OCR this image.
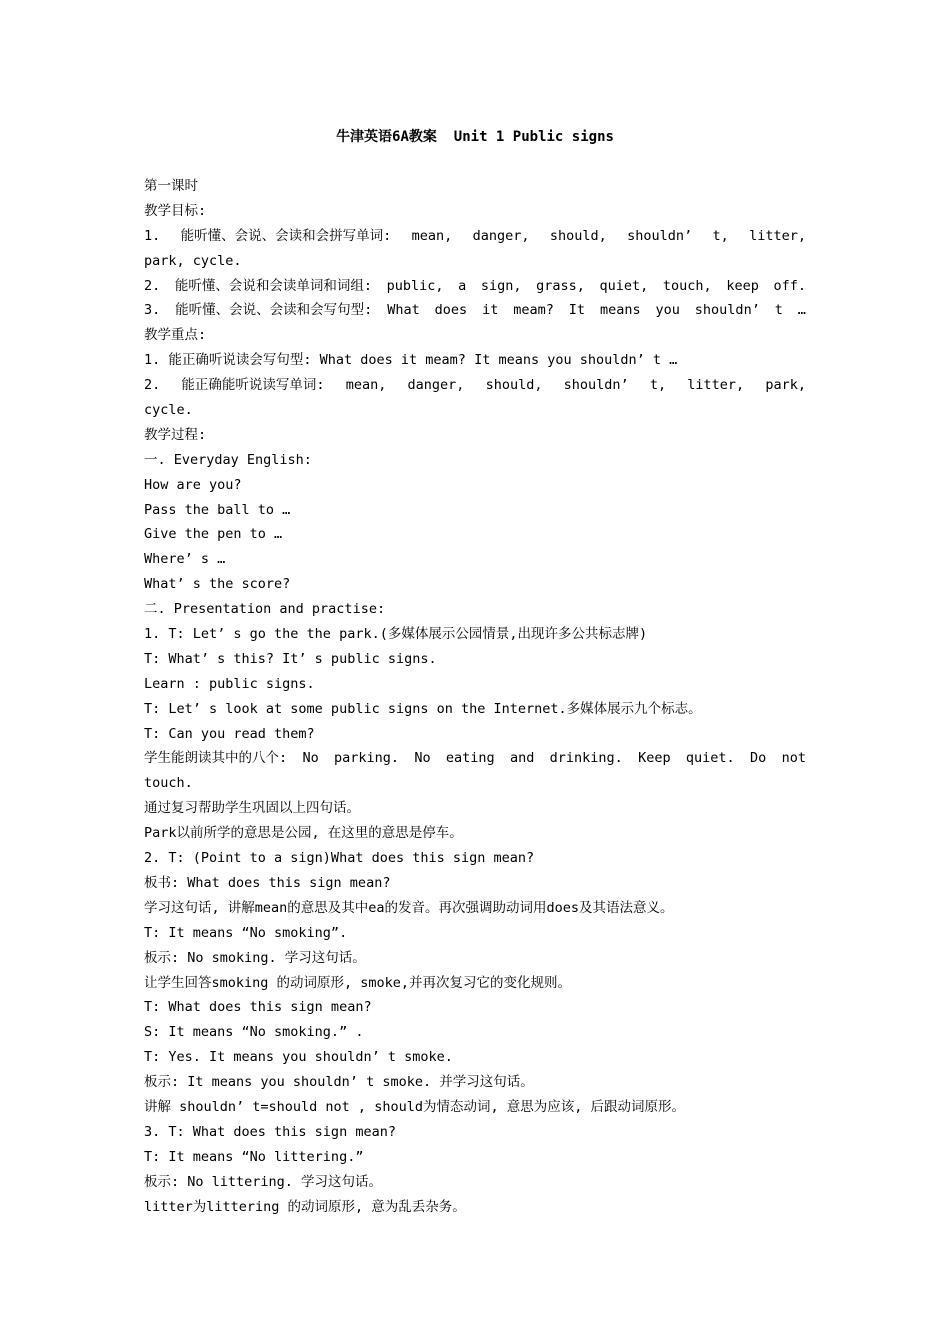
牛津英语6A教案  Unit 1 Public signs
第一课时
教学目标:
1. 能听懂、会说、会读和会拼写单词: mean, danger, should, shouldn’ t, litter,
park, cycle.
2. 能听懂、会说和会读单词和词组: public, a sign, grass, quiet, touch, keep off.
3. 能听懂、会说、会读和会写句型: What does it meam? It means you shouldn’ t …
教学重点:
1. 能正确听说读会写句型: What does it meam? It means you shouldn’ t …
2. 能正确能听说读写单词: mean, danger, should, shouldn’ t, litter, park,
cycle.
教学过程:
一. Everyday English:
How are you?
Pass the ball to …
Give the pen to …
Where’ s …
What’ s the score?
二. Presentation and practise:
1. T: Let’ s go the the park.(多媒体展示公园情景,出现许多公共标志牌)
T: What’ s this? It’ s public signs.
Learn : public signs.
T: Let’ s look at some public signs on the Internet.多媒体展示九个标志。
T: Can you read them?
学生能朗读其中的八个: No parking. No eating and drinking. Keep quiet. Do not
touch.
通过复习帮助学生巩固以上四句话。
Park以前所学的意思是公园, 在这里的意思是停车。
2. T: (Point to a sign)What does this sign mean?
板书: What does this sign mean?
学习这句话, 讲解mean的意思及其中ea的发音。再次强调助动词用does及其语法意义。
T: It means “No smoking”.
板示: No smoking. 学习这句话。
让学生回答smoking 的动词原形, smoke,并再次复习它的变化规则。
T: What does this sign mean?
S: It means “No smoking.” .
T: Yes. It means you shouldn’ t smoke.
板示: It means you shouldn’ t smoke. 并学习这句话。
讲解 shouldn’ t=should not , should为情态动词, 意思为应该, 后跟动词原形。
3. T: What does this sign mean?
T: It means “No littering.”
板示: No littering. 学习这句话。
litter为littering 的动词原形, 意为乱丢杂务。
